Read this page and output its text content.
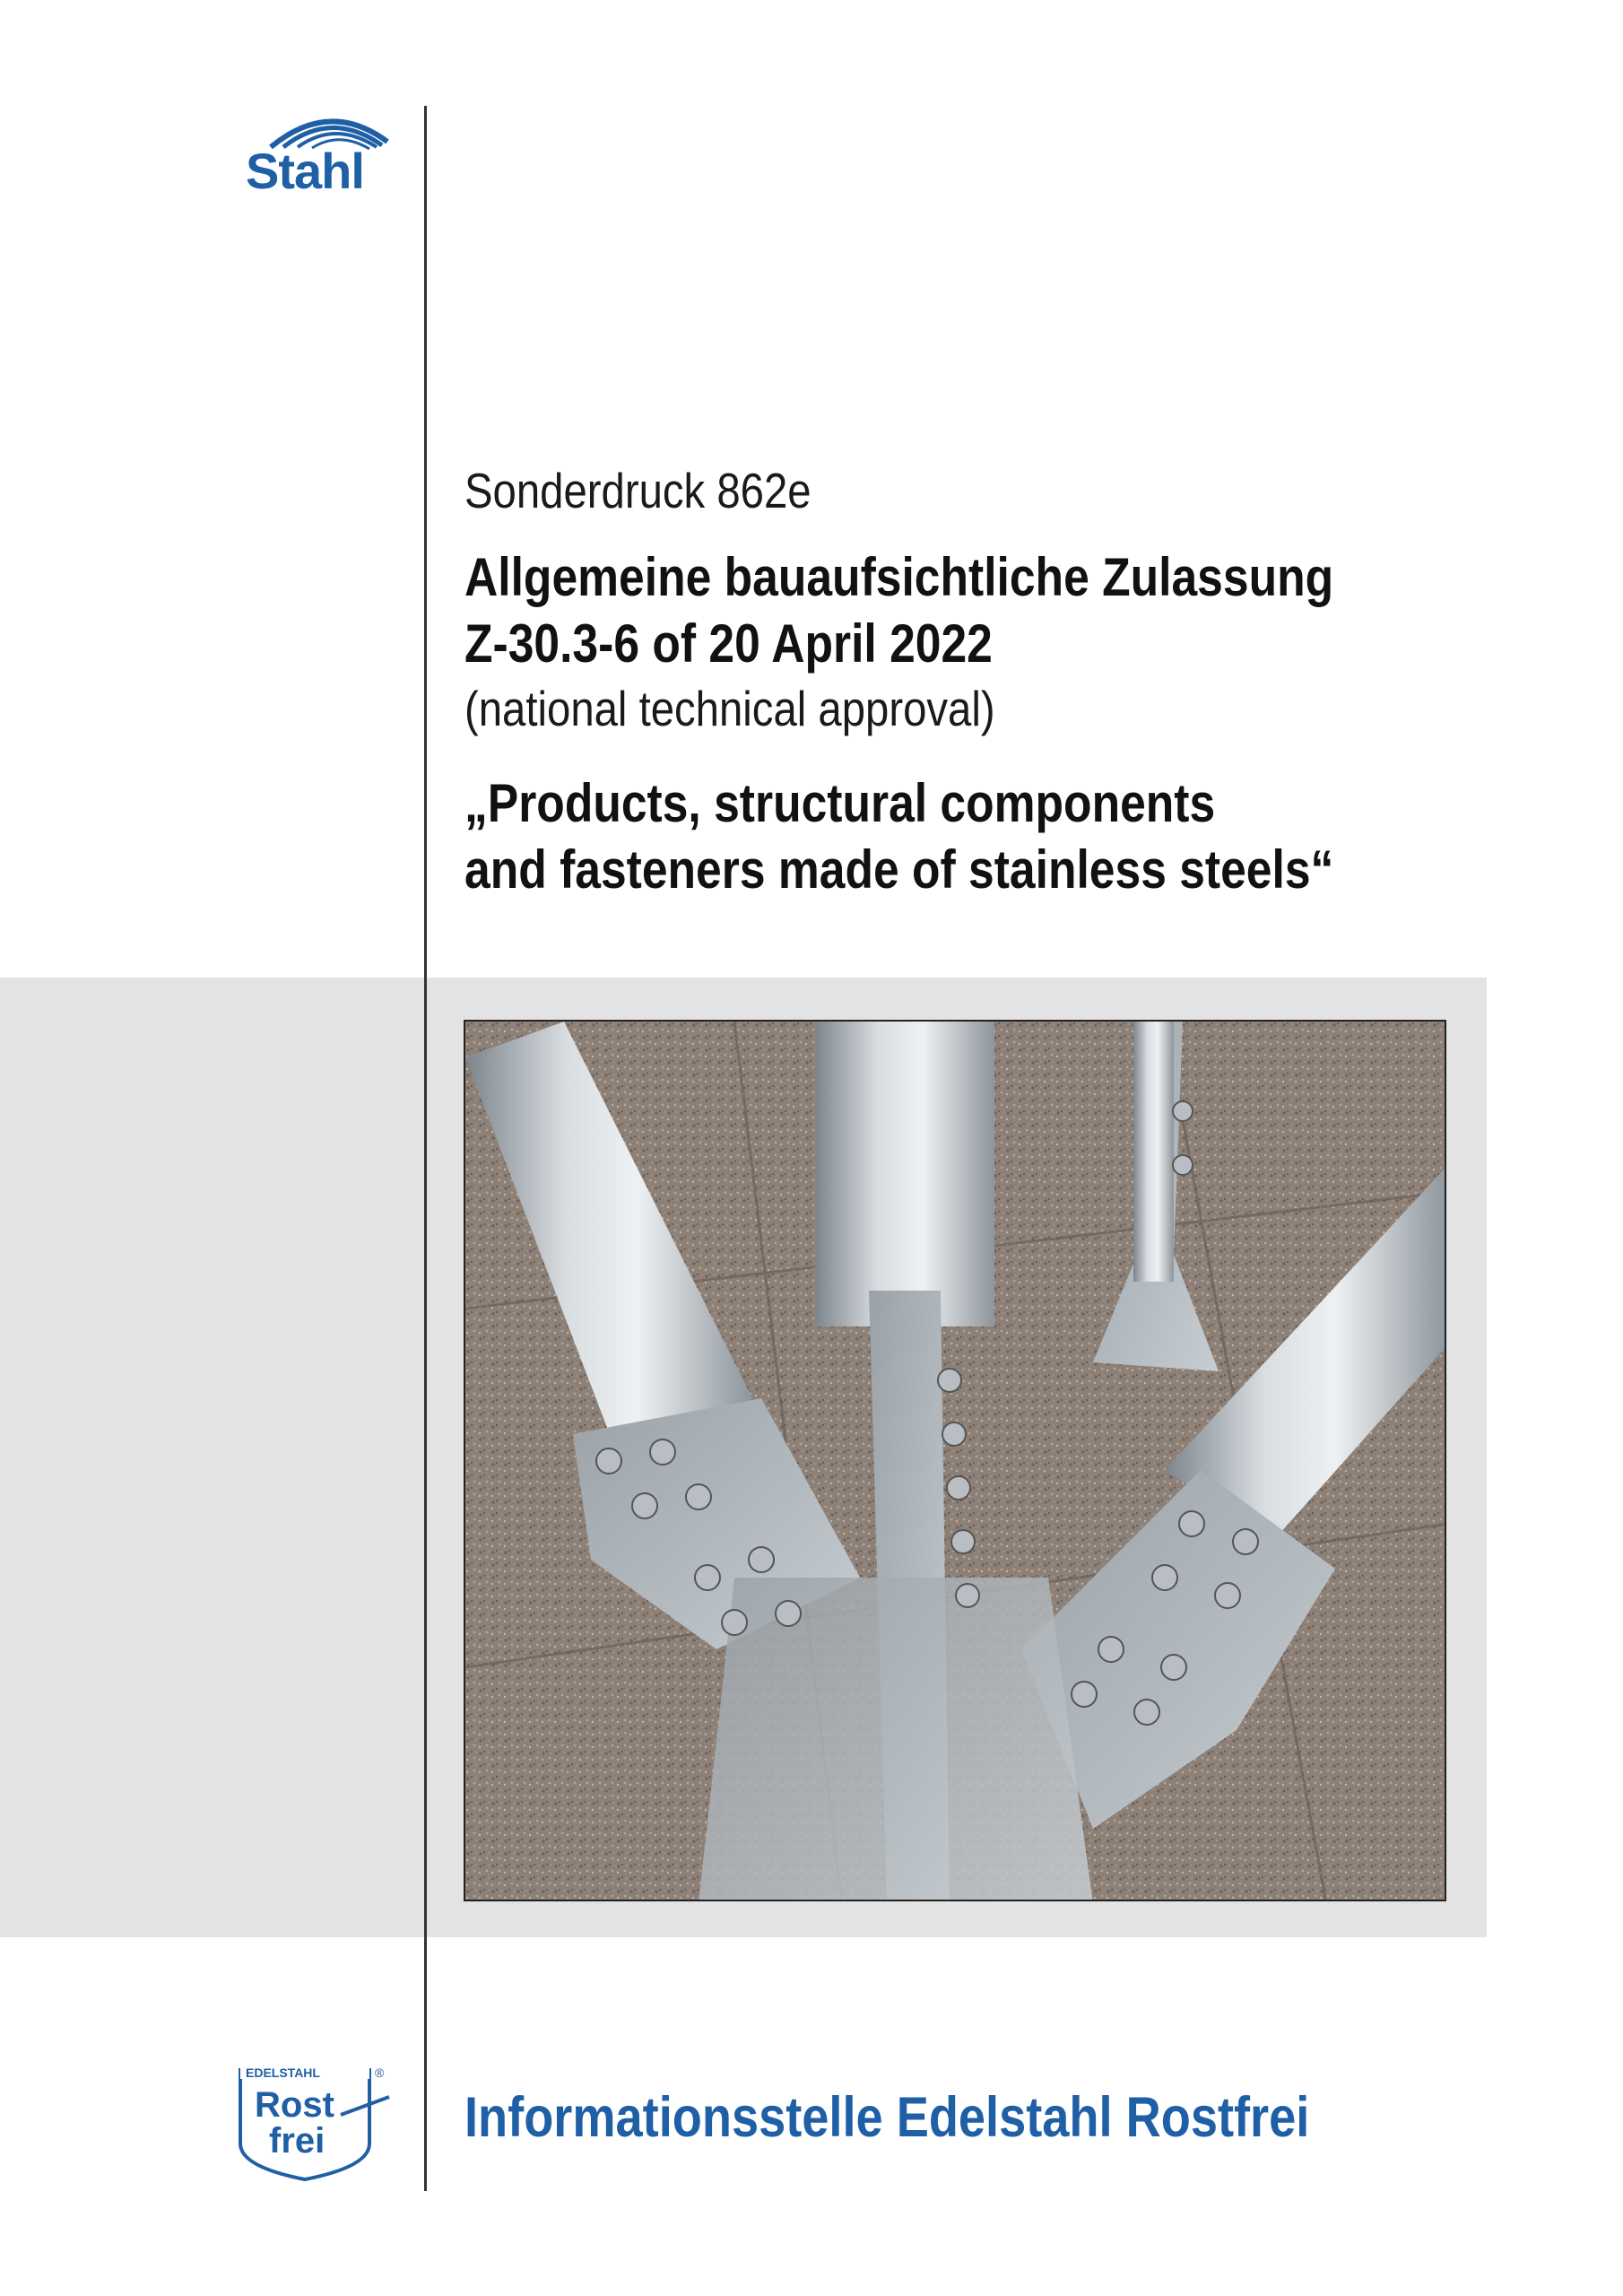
Stahl
Sonderdruck 862e
Allgemeine bauaufsichtliche Zulassung
Z-30.3-6 of 20 April 2022
(national technical approval)
„Products, structural components
and fasteners made of stainless steels“
EDELSTAHL	®
Rost
frei Informationsstelle Edelstahl Rostfrei
